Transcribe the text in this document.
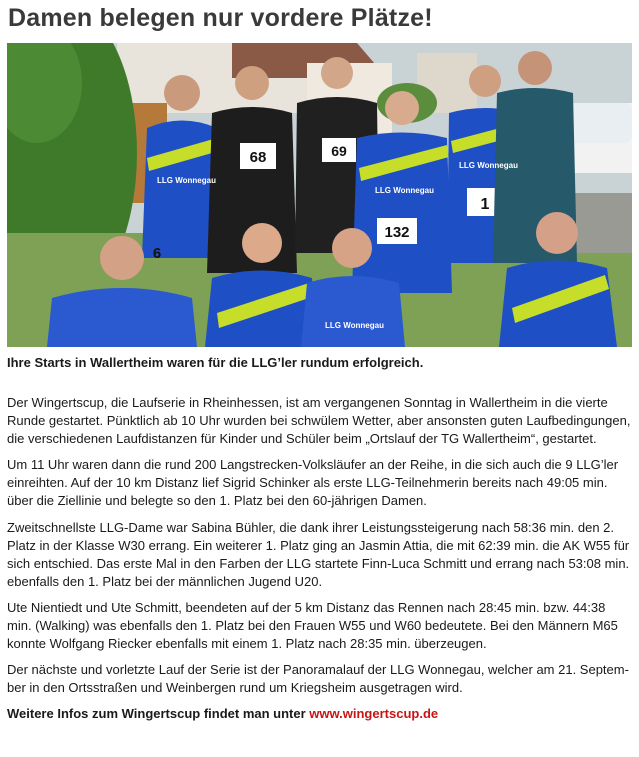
Damen belegen nur vordere Plätze!
68	69
132
1
6
LLG Wonnegau
LLG Wonnegau
LLG Wonnegau
LLG Wonnegau

Ihre Starts in Wallertheim waren für die LLG’ler rundum erfolgreich.

Der Wingertscup, die Laufserie in Rheinhessen, ist am vergangenen Sonntag in Wallertheim in die vierte
Runde gestartet. Pünktlich ab 10 Uhr wurden bei schwülem Wetter, aber ansonsten guten Laufbedingungen,
die verschiedenen Laufdistanzen für Kinder und Schüler beim „Ortslauf der TG Wallertheim“, gestartet.

Um 11 Uhr waren dann die rund 200 Langstrecken-Volksläufer an der Reihe, in die sich auch die 9 LLG’ler
einreihten. Auf der 10 km Distanz lief Sigrid Schinker als erste LLG-Teilnehmerin bereits nach 49:05 min.
über die Ziellinie und belegte so den 1. Platz bei den 60-jährigen Damen.

Zweitschnellste LLG-Dame war Sabina Bühler, die dank ihrer Leistungssteigerung nach 58:36 min. den 2.
Platz in der Klasse W30 errang. Ein weiterer 1. Platz ging an Jasmin Attia, die mit 62:39 min. die AK W55 für
sich entschied. Das erste Mal in den Farben der LLG startete Finn-Luca Schmitt und errang nach 53:08 min.
ebenfalls den 1. Platz bei der männlichen Jugend U20.

Ute Nientiedt und Ute Schmitt, beendeten auf der 5 km Distanz das Rennen nach 28:45 min. bzw. 44:38
min. (Walking) was ebenfalls den 1. Platz bei den Frauen W55 und W60 bedeutete. Bei den Männern M65
konnte Wolfgang Riecker ebenfalls mit einem 1. Platz nach 28:35 min. überzeugen.

Der nächste und vorletzte Lauf der Serie ist der Panoramalauf der LLG Wonnegau, welcher am 21. Septem-
ber in den Ortsstraßen und Weinbergen rund um Kriegsheim ausgetragen wird.

Weitere Infos zum Wingertscup findet man unter www.wingertscup.de
